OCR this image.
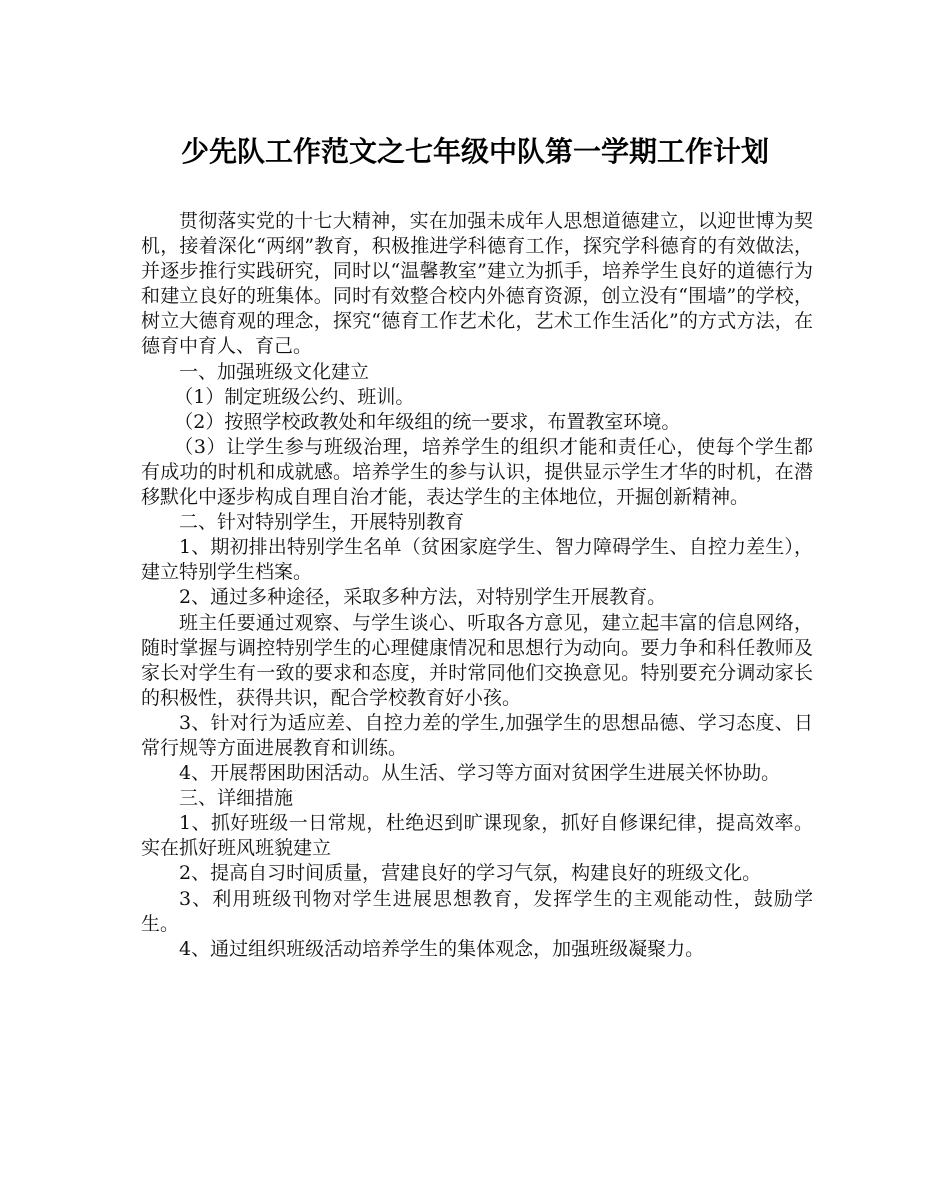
少先队工作范文之七年级中队第一学期工作计划

贯彻落实党的十七大精神，实在加强未成年人思想道德建立，以迎世博为契机，接着深化“两纲”教育，积极推进学科德育工作，探究学科德育的有效做法，并逐步推行实践研究，同时以“温馨教室”建立为抓手，培养学生良好的道德行为和建立良好的班集体。同时有效整合校内外德育资源，创立没有“围墙”的学校，树立大德育观的理念，探究“德育工作艺术化，艺术工作生活化”的方式方法，在德育中育人、育己。

一、加强班级文化建立

（1）制定班级公约、班训。

（2）按照学校政教处和年级组的统一要求，布置教室环境。

（3）让学生参与班级治理，培养学生的组织才能和责任心，使每个学生都有成功的时机和成就感。培养学生的参与认识，提供显示学生才华的时机，在潜移默化中逐步构成自理自治才能，表达学生的主体地位，开掘创新精神。

二、针对特别学生，开展特别教育

1、期初排出特别学生名单（贫困家庭学生、智力障碍学生、自控力差生），建立特别学生档案。

2、通过多种途径，采取多种方法，对特别学生开展教育。

班主任要通过观察、与学生谈心、听取各方意见，建立起丰富的信息网络，随时掌握与调控特别学生的心理健康情况和思想行为动向。要力争和科任教师及家长对学生有一致的要求和态度，并时常同他们交换意见。特别要充分调动家长的积极性，获得共识，配合学校教育好小孩。

3、针对行为适应差、自控力差的学生,加强学生的思想品德、学习态度、日常行规等方面进展教育和训练。

4、开展帮困助困活动。从生活、学习等方面对贫困学生进展关怀协助。

三、详细措施

1、抓好班级一日常规，杜绝迟到旷课现象，抓好自修课纪律，提高效率。实在抓好班风班貌建立

2、提高自习时间质量，营建良好的学习气氛，构建良好的班级文化。

3、利用班级刊物对学生进展思想教育，发挥学生的主观能动性，鼓励学生。

4、通过组织班级活动培养学生的集体观念，加强班级凝聚力。
